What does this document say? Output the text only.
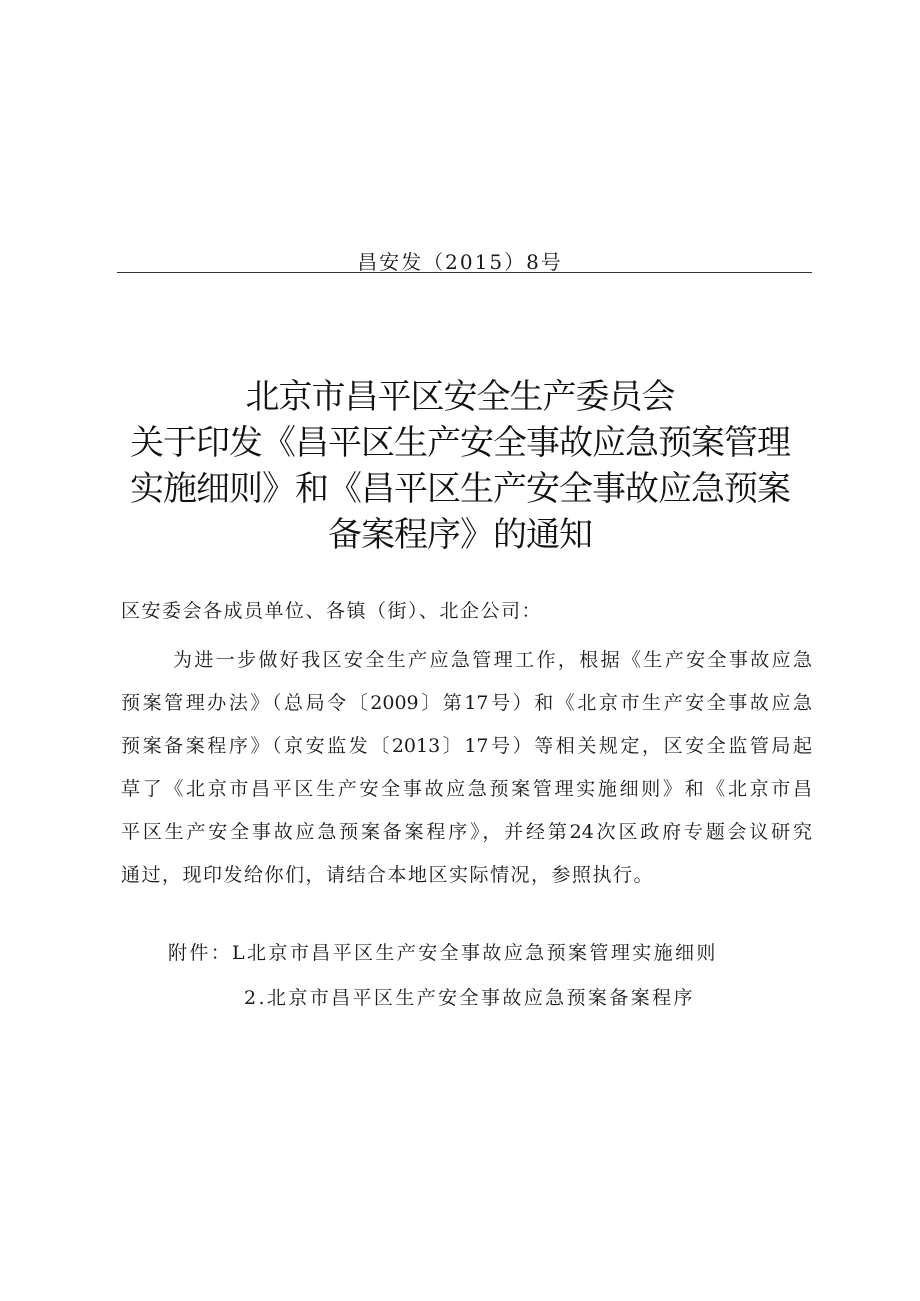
昌安发（2015）8号
北京市昌平区安全生产委员会
关于印发《昌平区生产安全事故应急预案管理
实施细则》和《昌平区生产安全事故应急预案
备案程序》的通知
区安委会各成员单位、各镇（街）、北企公司：
为进一步做好我区安全生产应急管理工作，根据《生产安全事故应急
预案管理办法》（总局令〔2009〕第17号）和《北京市生产安全事故应急
预案备案程序》（京安监发〔2013〕17号）等相关规定，区安全监管局起
草了《北京市昌平区生产安全事故应急预案管理实施细则》和《北京市昌
平区生产安全事故应急预案备案程序》，并经第24次区政府专题会议研究
通过，现印发给你们，请结合本地区实际情况，参照执行。
附件： L北京市昌平区生产安全事故应急预案管理实施细则
2.北京市昌平区生产安全事故应急预案备案程序
